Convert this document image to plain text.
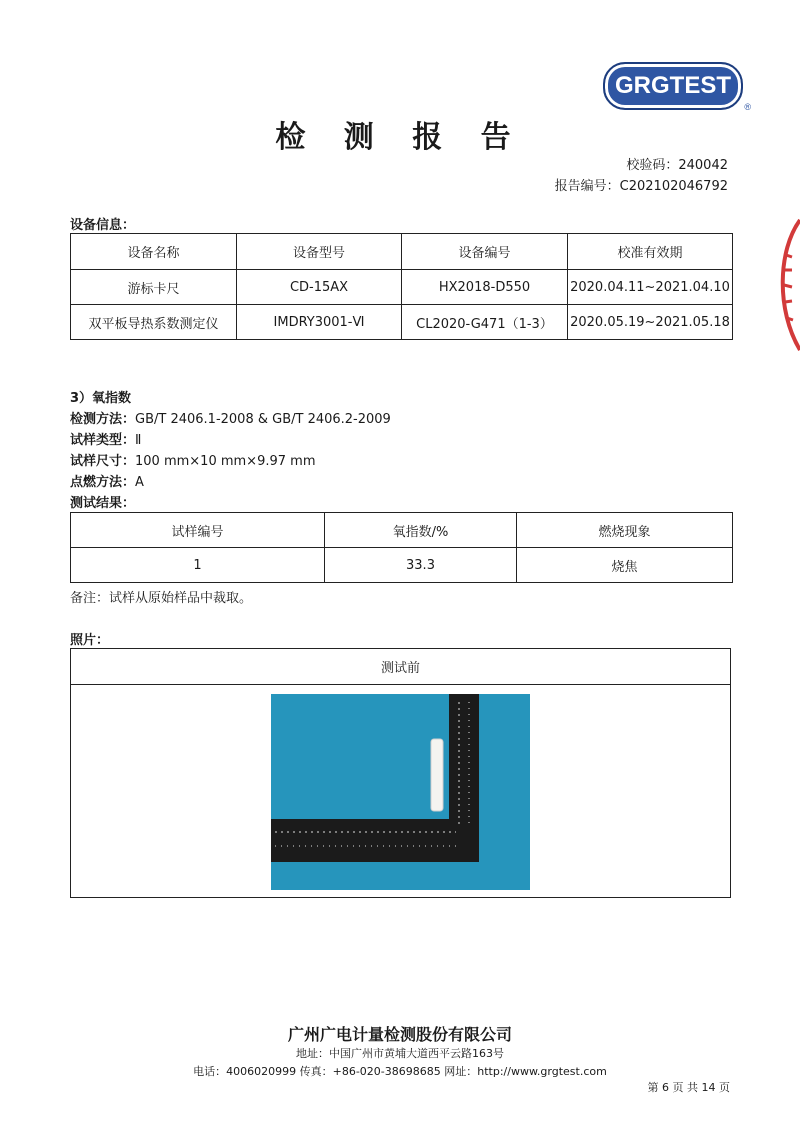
GRGTEST
®
检 测 报 告
校验码：240042
报告编号：C202102046792
设备信息：
设备名称	设备型号	设备编号	校准有效期
游标卡尺	CD-15AX	HX2018-D550	2020.04.11~2021.04.10
双平板导热系数测定仪	IMDRY3001-Ⅵ	CL2020-G471（1-3）	2020.05.19~2021.05.18
3）氧指数
检测方法：GB/T 2406.1-2008 & GB/T 2406.2-2009
试样类型：Ⅱ
试样尺寸：100 mm×10 mm×9.97 mm
点燃方法：A
测试结果：
试样编号	氧指数/%	燃烧现象
1	33.3	烧焦
备注：试样从原始样品中裁取。
照片：
测试前
广州广电计量检测股份有限公司
地址：中国广州市黄埔大道西平云路163号
电话：4006020999 传真：+86-020-38698685 网址：http://www.grgtest.com
第 6 页 共 14 页
